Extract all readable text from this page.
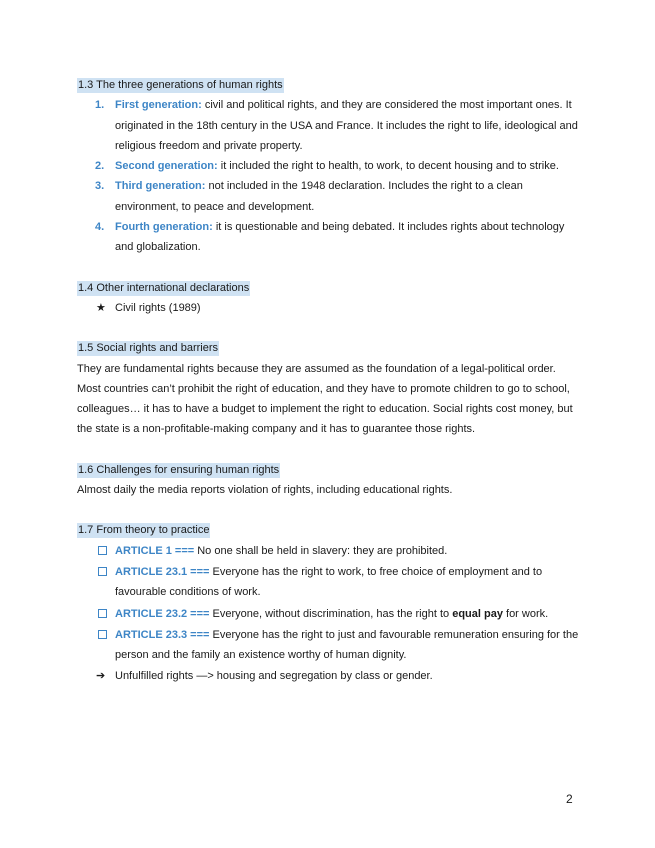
1.3 The three generations of human rights
1. First generation: civil and political rights, and they are considered the most important ones. It originated in the 18th century in the USA and France. It includes the right to life, ideological and religious freedom and private property.
2. Second generation: it included the right to health, to work, to decent housing and to strike.
3. Third generation: not included in the 1948 declaration. Includes the right to a clean environment, to peace and development.
4. Fourth generation: it is questionable and being debated. It includes rights about technology and globalization.
1.4 Other international declarations
★ Civil rights (1989)
1.5 Social rights and barriers

They are fundamental rights because they are assumed as the foundation of a legal-political order. Most countries can’t prohibit the right of education, and they have to promote children to go to school, colleagues… it has to have a budget to implement the right to education. Social rights cost money, but the state is a non-profitable-making company and it has to guarantee those rights.

1.6 Challenges for ensuring human rights

Almost daily the media reports violation of rights, including educational rights.

1.7 From theory to practice
ARTICLE 1 === No one shall be held in slavery: they are prohibited.
ARTICLE 23.1 === Everyone has the right to work, to free choice of employment and to favourable conditions of work.
ARTICLE 23.2 === Everyone, without discrimination, has the right to equal pay for work.
ARTICLE 23.3 === Everyone has the right to just and favourable remuneration ensuring for the person and the family an existence worthy of human dignity.
➔ Unfulfilled rights —> housing and segregation by class or gender.
2
